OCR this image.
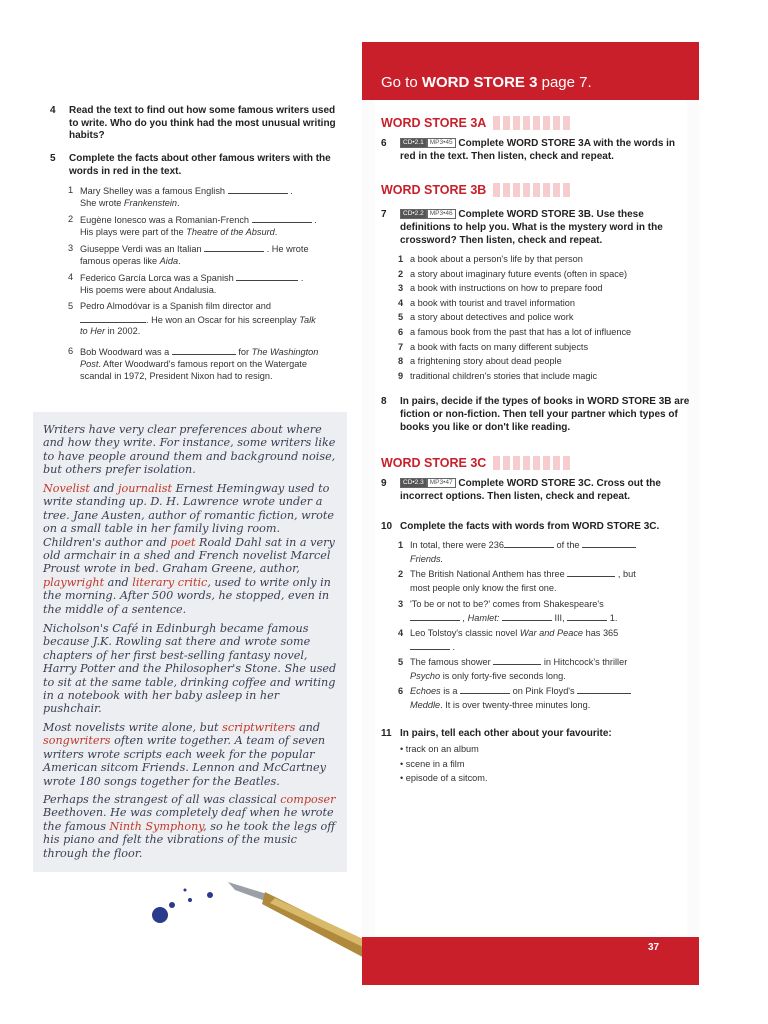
4 Read the text to find out how some famous writers used to write. Who do you think had the most unusual writing habits?
5 Complete the facts about other famous writers with the words in red in the text.
1 Mary Shelley was a famous English	.
She wrote Frankenstein.
2 Eugène Ionesco was a Romanian-French	.
His plays were part of the Theatre of the Absurd.
3 Giuseppe Verdi was an Italian	. He wrote
famous operas like Aida.
4 Federico García Lorca was a Spanish	.
His poems were about Andalusia.
5 Pedro Almodóvar is a Spanish film director and
. He won an Oscar for his screenplay Talk
to Her in 2002.
6 Bob Woodward was a	for The Washington
Post. After Woodward's famous report on the Watergate
scandal in 1972, President Nixon had to resign.
Writers have very clear preferences about where and how they write. For instance, some writers like to have people around them and background noise, but others prefer isolation.
Novelist and journalist Ernest Hemingway used to write standing up. D. H. Lawrence wrote under a tree. Jane Austen, author of romantic fiction, wrote on a small table in her family living room. Children's author and poet Roald Dahl sat in a very old armchair in a shed and French novelist Marcel Proust wrote in bed. Graham Greene, author, playwright and literary critic, used to write only in the morning. After 500 words, he stopped, even in the middle of a sentence.
Nicholson's Café in Edinburgh became famous because J.K. Rowling sat there and wrote some chapters of her first best-selling fantasy novel, Harry Potter and the Philosopher's Stone. She used to sit at the same table, drinking coffee and writing in a notebook with her baby asleep in her pushchair.
Most novelists write alone, but scriptwriters and songwriters often write together. A team of seven writers wrote scripts each week for the popular American sitcom Friends. Lennon and McCartney wrote 180 songs together for the Beatles.
Perhaps the strangest of all was classical composer Beethoven. He was completely deaf when he wrote the famous Ninth Symphony, so he took the legs off his piano and felt the vibrations of the music through the floor.
Go to WORD STORE 3 page 7.
WORD STORE 3A
6	CD•2.1 MP3•45 Complete WORD STORE 3A with the words in red in the text. Then listen, check and repeat.
WORD STORE 3B
7	CD•2.2 MP3•46 Complete WORD STORE 3B. Use these definitions to help you. What is the mystery word in the crossword? Then listen, check and repeat.
1 a book about a person's life by that person
2 a story about imaginary future events (often in space)
3 a book with instructions on how to prepare food
4 a book with tourist and travel information
5 a story about detectives and police work
6 a famous book from the past that has a lot of influence
7 a book with facts on many different subjects
8 a frightening story about dead people
9 traditional children's stories that include magic
8 In pairs, decide if the types of books in WORD STORE 3B are fiction or non-fiction. Then tell your partner which types of books you like or don't like reading.
WORD STORE 3C
9	CD•2.3 MP3•47 Complete WORD STORE 3C. Cross out the incorrect options. Then listen, check and repeat.
10 Complete the facts with words from WORD STORE 3C.
1 In total, there were 236	of the
Friends.
2 The British National Anthem has three	, but
most people only know the first one.
3 'To be or not to be?' comes from Shakespeare's
, Hamlet:	III,	1.
4 Leo Tolstoy's classic novel War and Peace has 365
.
5 The famous shower	in Hitchcock's thriller
Psycho is only forty-five seconds long.
6 Echoes is a	on Pink Floyd's
Meddle. It is over twenty-three minutes long.
11 In pairs, tell each other about your favourite:
• track on an album
• scene in a film
• episode of a sitcom.
37
